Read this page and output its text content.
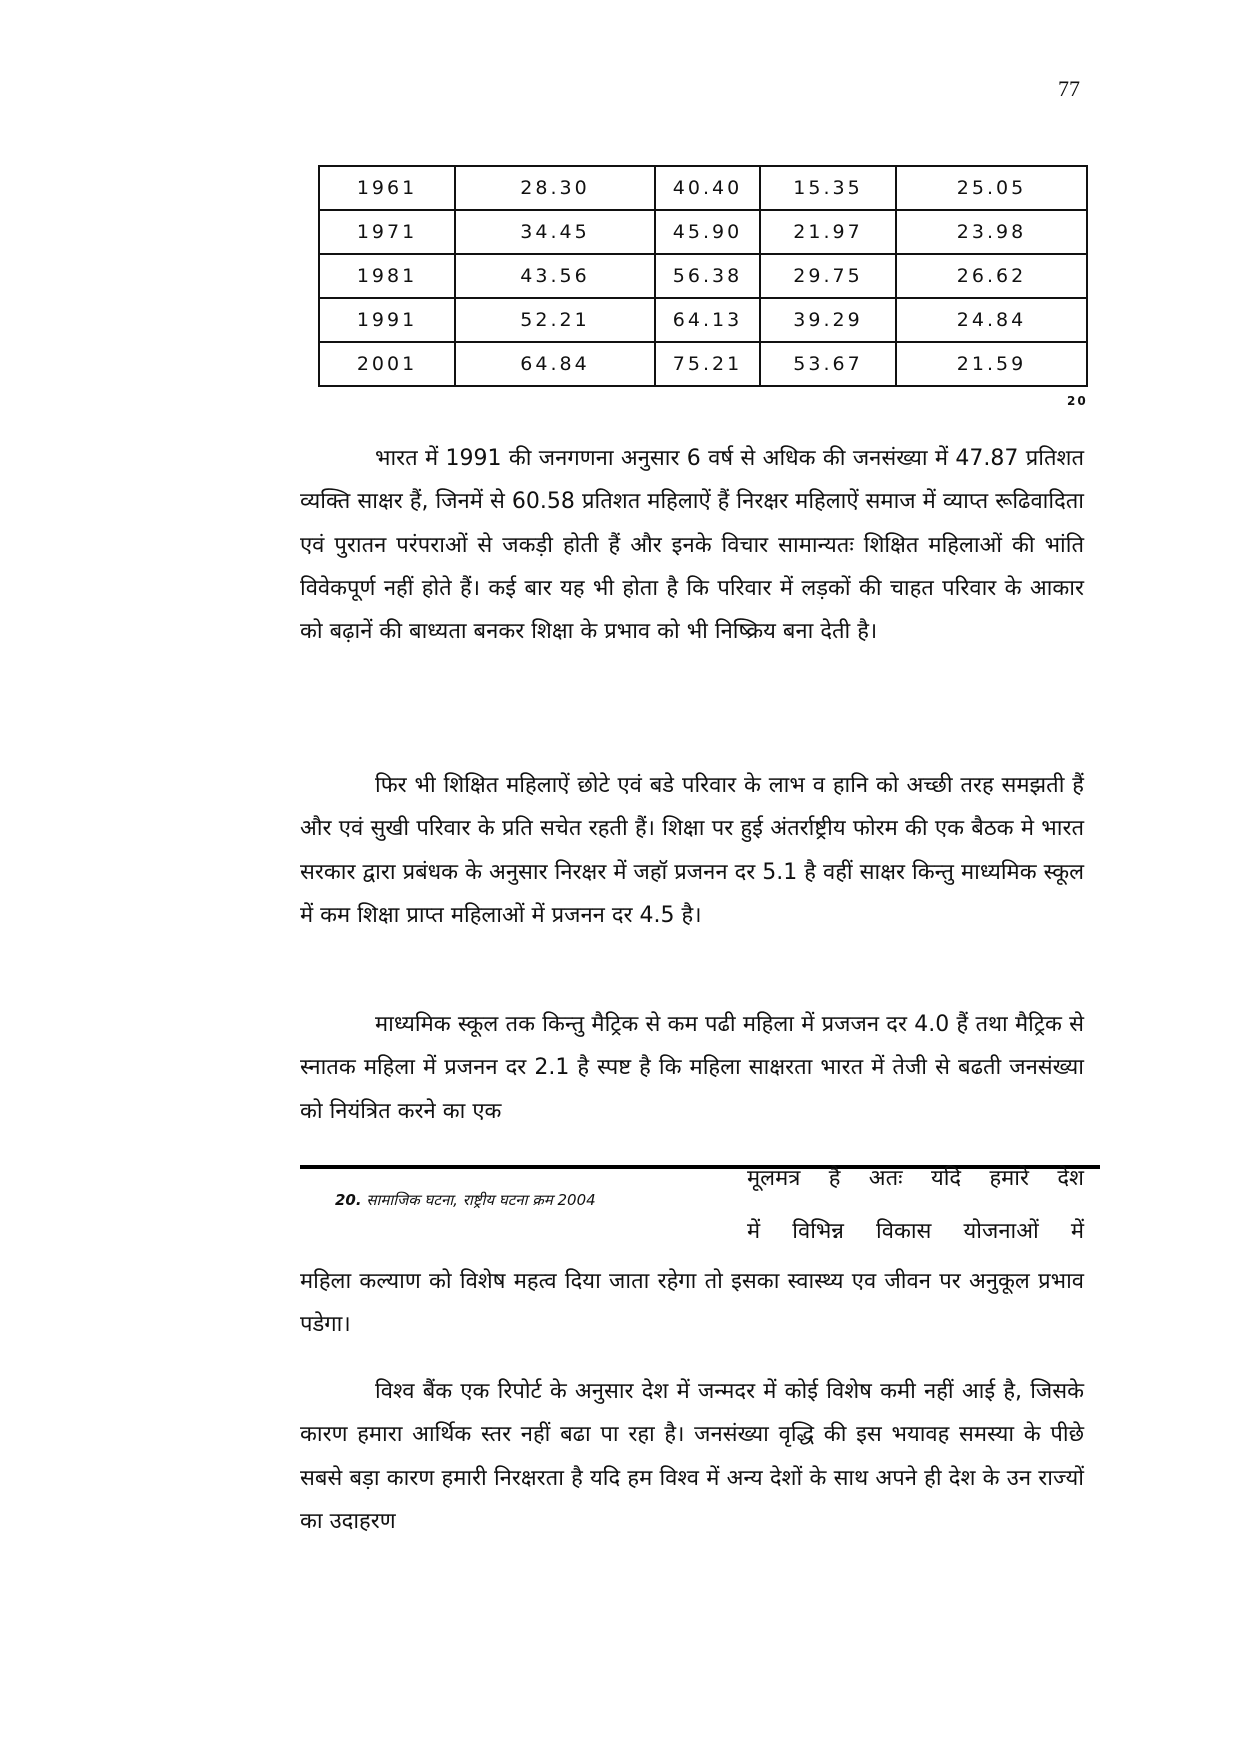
77
1961	28.30	40.40	15.35	25.05
1971	34.45	45.90	21.97	23.98
1981	43.56	56.38	29.75	26.62
1991	52.21	64.13	39.29	24.84
2001	64.84	75.21	53.67	21.59
20

भारत में 1991 की जनगणना अनुसार 6 वर्ष से अधिक की जनसंख्या में 47.87 प्रतिशत व्यक्ति साक्षर हैं, जिनमें से 60.58 प्रतिशत महिलाऐं हैं निरक्षर महिलाऐं समाज में व्याप्त रूढिवादिता एवं पुरातन परंपराओं से जकड़ी होती हैं और इनके विचार सामान्यतः शिक्षित महिलाओं की भांति विवेकपूर्ण नहीं होते हैं। कई बार यह भी होता है कि परिवार में लड़कों की चाहत परिवार के आकार को बढ़ानें की बाध्यता बनकर शिक्षा के प्रभाव को भी निष्क्रिय बना देती है।

फिर भी शिक्षित महिलाऐं छोटे एवं बडे परिवार के लाभ व हानि को अच्छी तरह समझती हैं और एवं सुखी परिवार के प्रति सचेत रहती हैं। शिक्षा पर हुई अंतर्राष्ट्रीय फोरम की एक बैठक मे भारत सरकार द्वारा प्रबंधक के अनुसार निरक्षर में जहॉ प्रजनन दर 5.1 है वहीं साक्षर किन्तु माध्यमिक स्कूल में कम शिक्षा प्राप्त महिलाओं में प्रजनन दर 4.5 है।

माध्यमिक स्कूल तक किन्तु मैट्रिक से कम पढी महिला में प्रजजन दर 4.0 हैं तथा मैट्रिक से स्नातक महिला में प्रजनन दर 2.1 है स्पष्ट है कि महिला साक्षरता भारत में तेजी से बढती जनसंख्या को नियंत्रित करने का एक

20. सामाजिक घटना, राष्ट्रीय घटना क्रम 2004

मूलमत्र है अतः यदि हमारे देश

में विभिन्न विकास योजनाओं में

महिला कल्याण को विशेष महत्व दिया जाता रहेगा तो इसका स्वास्थ्य एव जीवन पर अनुकूल प्रभाव पडेगा।

विश्व बैंक एक रिपोर्ट के अनुसार देश में जन्मदर में कोई विशेष कमी नहीं आई है, जिसके कारण हमारा आर्थिक स्तर नहीं बढा पा रहा है। जनसंख्या वृद्धि की इस भयावह समस्या के पीछे सबसे बड़ा कारण हमारी निरक्षरता है यदि हम विश्व में अन्य देशों के साथ अपने ही देश के उन राज्यों का उदाहरण
